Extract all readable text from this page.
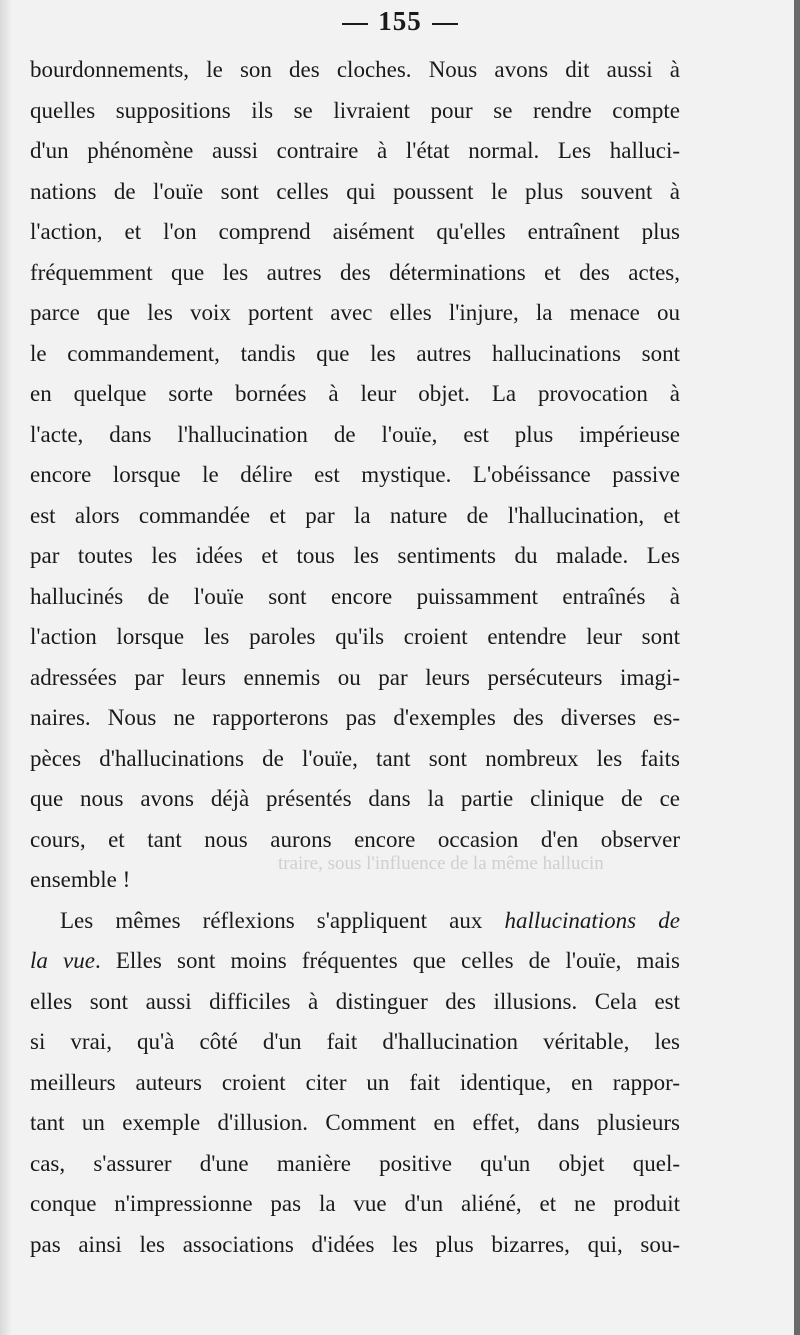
155
traire, sous l'influence de la même hallucin
bourdonnements, le son des cloches. Nous avons dit aussi à
quelles suppositions ils se livraient pour se rendre compte
d'un phénomène aussi contraire à l'état normal. Les halluci-
nations de l'ouïe sont celles qui poussent le plus souvent à
l'action, et l'on comprend aisément qu'elles entraînent plus
fréquemment que les autres des déterminations et des actes,
parce que les voix portent avec elles l'injure, la menace ou
le commandement, tandis que les autres hallucinations sont
en quelque sorte bornées à leur objet. La provocation à
l'acte, dans l'hallucination de l'ouïe, est plus impérieuse
encore lorsque le délire est mystique. L'obéissance passive
est alors commandée et par la nature de l'hallucination, et
par toutes les idées et tous les sentiments du malade. Les
hallucinés de l'ouïe sont encore puissamment entraînés à
l'action lorsque les paroles qu'ils croient entendre leur sont
adressées par leurs ennemis ou par leurs persécuteurs imagi-
naires. Nous ne rapporterons pas d'exemples des diverses es-
pèces d'hallucinations de l'ouïe, tant sont nombreux les faits
que nous avons déjà présentés dans la partie clinique de ce
cours, et tant nous aurons encore occasion d'en observer
ensemble !
Les mêmes réflexions s'appliquent aux hallucinations de
la vue. Elles sont moins fréquentes que celles de l'ouïe, mais
elles sont aussi difficiles à distinguer des illusions. Cela est
si vrai, qu'à côté d'un fait d'hallucination véritable, les
meilleurs auteurs croient citer un fait identique, en rappor-
tant un exemple d'illusion. Comment en effet, dans plusieurs
cas, s'assurer d'une manière positive qu'un objet quel-
conque n'impressionne pas la vue d'un aliéné, et ne produit
pas ainsi les associations d'idées les plus bizarres, qui, sou-
